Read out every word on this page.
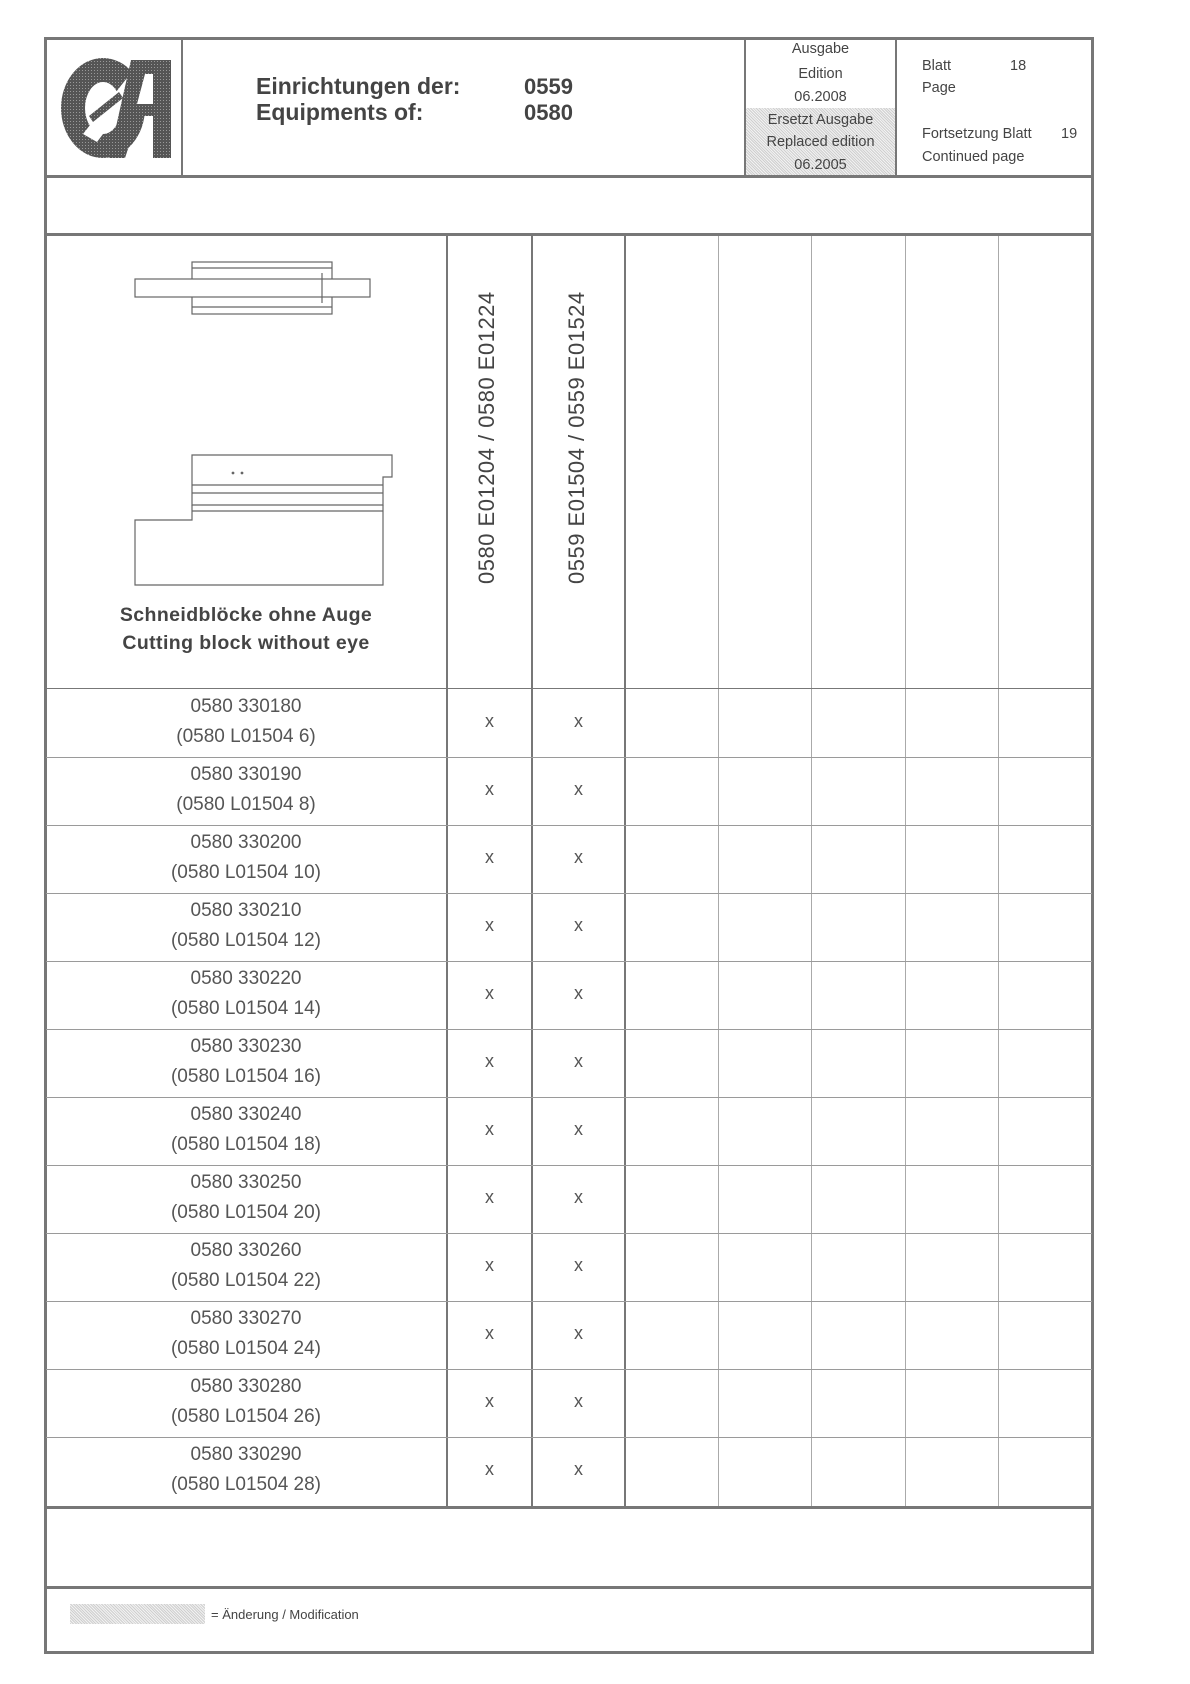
Einrichtungen der:
Equipments of:
0559
0580
Ausgabe
Edition
06.2008
Ersetzt Ausgabe
Replaced edition
06.2005
Blatt	18
Page
Fortsetzung Blatt 19
Continued page
Schneidblöcke ohne Auge
Cutting block without eye
0580 E01204 / 0580 E01224	0559 E01504 / 0559 E01524
0580 330180
(0580 L01504 6)
x	x
0580 330190
(0580 L01504 8)
x	x
0580 330200
(0580 L01504 10)
x	x
0580 330210
(0580 L01504 12)
x	x
0580 330220
(0580 L01504 14)
x	x
0580 330230
(0580 L01504 16)
x	x
0580 330240
(0580 L01504 18)
x	x
0580 330250
(0580 L01504 20)
x	x
0580 330260
(0580 L01504 22)
x	x
0580 330270
(0580 L01504 24)
x	x
0580 330280
(0580 L01504 26)
x	x
0580 330290
(0580 L01504 28)
x	x
= Änderung / Modification
